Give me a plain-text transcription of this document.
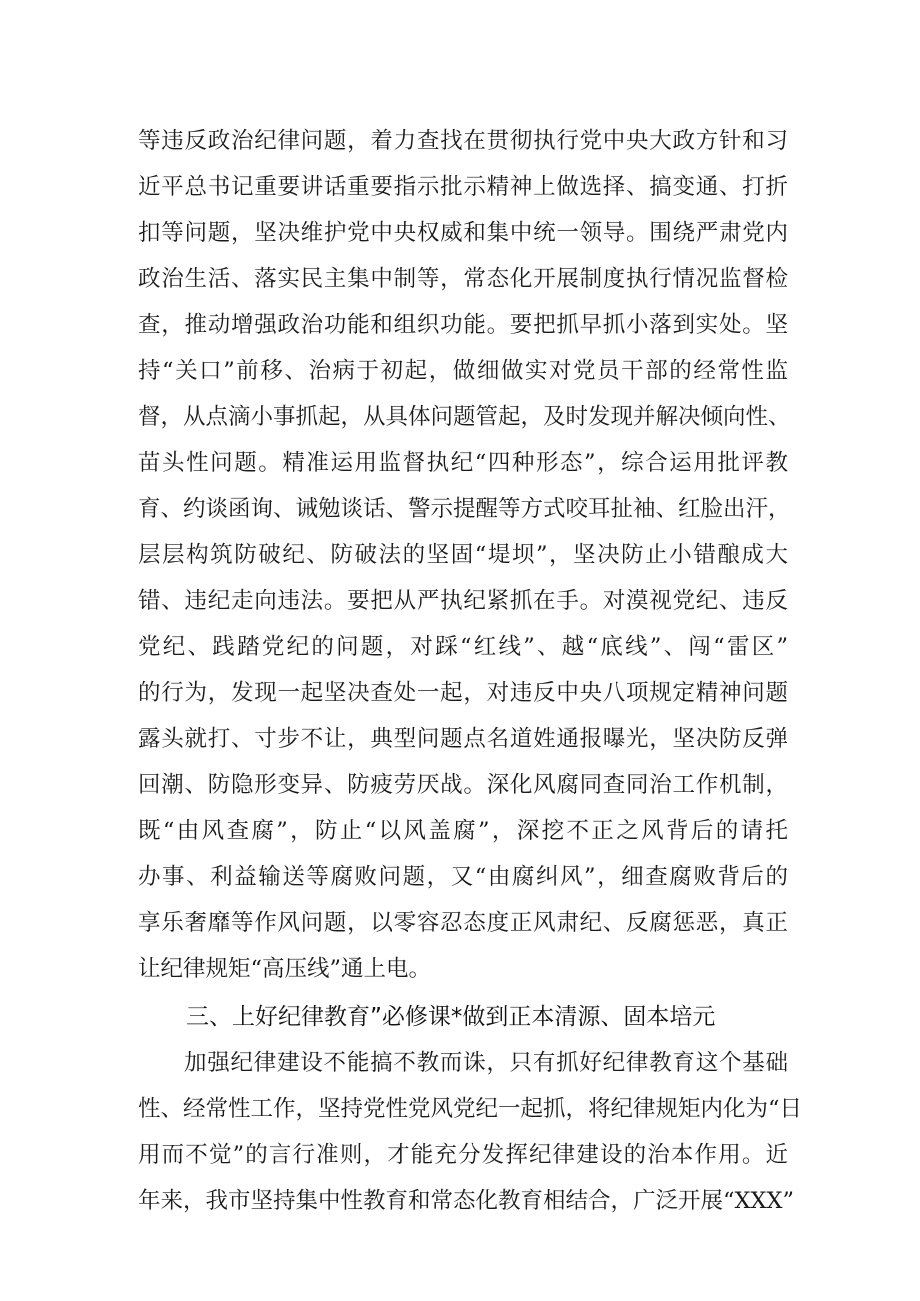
等违反政治纪律问题，着力查找在贯彻执行党中央大政方针和习
近平总书记重要讲话重要指示批示精神上做选择、搞变通、打折
扣等问题，坚决维护党中央权威和集中统一领导。围绕严肃党内
政治生活、落实民主集中制等，常态化开展制度执行情况监督检
查，推动增强政治功能和组织功能。要把抓早抓小落到实处。坚
持“关口”前移、治病于初起，做细做实对党员干部的经常性监
督，从点滴小事抓起，从具体问题管起，及时发现并解决倾向性、
苗头性问题。精准运用监督执纪“四种形态”，综合运用批评教
育、约谈函询、诫勉谈话、警示提醒等方式咬耳扯袖、红脸出汗，
层层构筑防破纪、防破法的坚固“堤坝”，坚决防止小错酿成大
错、违纪走向违法。要把从严执纪紧抓在手。对漠视党纪、违反
党纪、践踏党纪的问题，对踩“红线”、越“底线”、闯“雷区”
的行为，发现一起坚决查处一起，对违反中央八项规定精神问题
露头就打、寸步不让，典型问题点名道姓通报曝光，坚决防反弹
回潮、防隐形变异、防疲劳厌战。深化风腐同查同治工作机制，
既“由风查腐”，防止“以风盖腐”，深挖不正之风背后的请托
办事、利益输送等腐败问题，又“由腐纠风”，细查腐败背后的
享乐奢靡等作风问题，以零容忍态度正风肃纪、反腐惩恶，真正
让纪律规矩“高压线”通上电。
三、上好纪律教育”必修课*做到正本清源、固本培元
加强纪律建设不能搞不教而诛，只有抓好纪律教育这个基础
性、经常性工作，坚持党性党风党纪一起抓，将纪律规矩内化为“日
用而不觉”的言行准则，才能充分发挥纪律建设的治本作用。近
年来，我市坚持集中性教育和常态化教育相结合，广泛开展“XXX”
